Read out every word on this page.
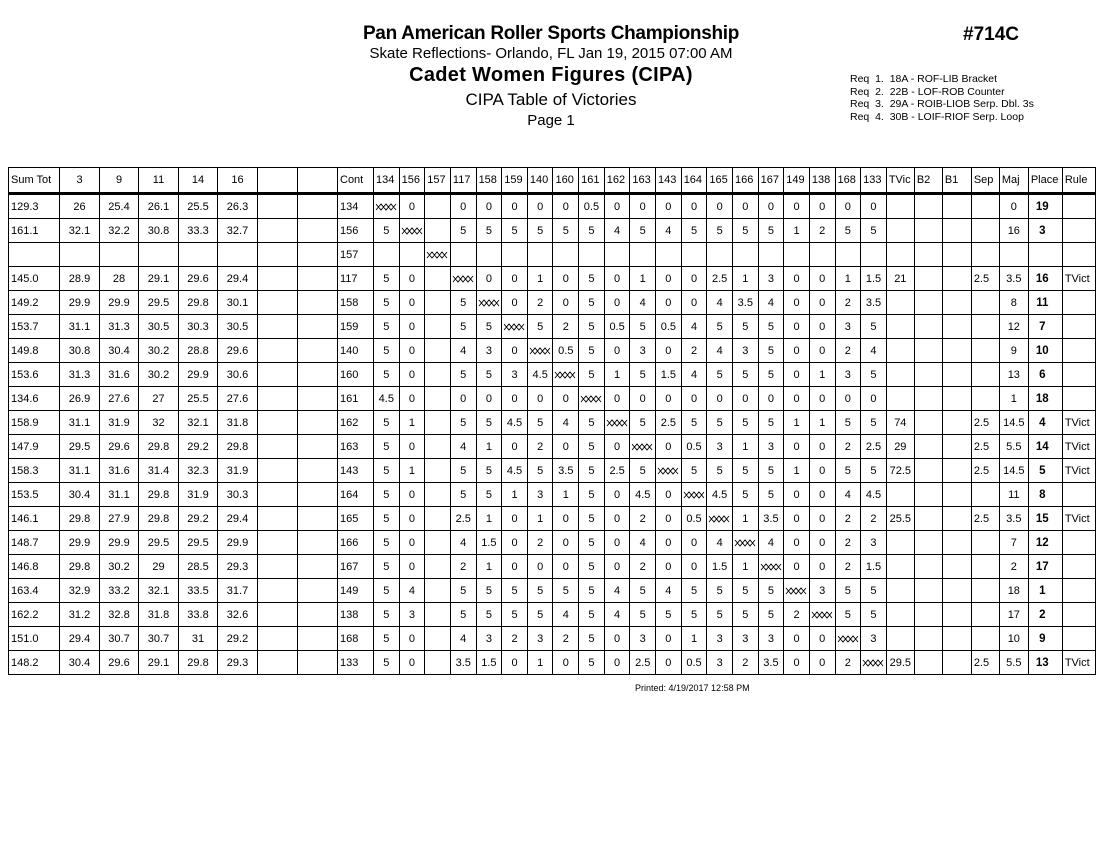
Pan American Roller Sports Championship
Skate Reflections- Orlando, FL Jan 19, 2015 07:00 AM
Cadet Women Figures (CIPA)
CIPA Table of Victories
Page 1
#714C
Req  1.  18A - ROF-LIB Bracket
Req  2.  22B - LOF-ROB Counter
Req  3.  29A - ROIB-LIOB Serp. Dbl. 3s
Req  4.  30B - LOIF-RIOF Serp. Loop
Sum Tot	3	9	11	14	16			Cont	134	156	157	117	158	159	140	160	161	162	163	143	164	165	166	167	149	138	168	133	TVic	B2	B1	Sep	Maj	Place	Rule
129.3	26	25.4	26.1	25.5	26.3			134		0		0	0	0	0	0	0.5	0	0	0	0	0	0	0	0	0	0	0					0	19	
161.1	32.1	32.2	30.8	33.3	32.7			156	5			5	5	5	5	5	5	4	5	4	5	5	5	5	1	2	5	5					16	3	
								157																											
145.0	28.9	28	29.1	29.6	29.4			117	5	0			0	0	1	0	5	0	1	0	0	2.5	1	3	0	0	1	1.5	21			2.5	3.5	16	TVict
149.2	29.9	29.9	29.5	29.8	30.1			158	5	0		5		0	2	0	5	0	4	0	0	4	3.5	4	0	0	2	3.5					8	11	
153.7	31.1	31.3	30.5	30.3	30.5			159	5	0		5	5		5	2	5	0.5	5	0.5	4	5	5	5	0	0	3	5					12	7	
149.8	30.8	30.4	30.2	28.8	29.6			140	5	0		4	3	0		0.5	5	0	3	0	2	4	3	5	0	0	2	4					9	10	
153.6	31.3	31.6	30.2	29.9	30.6			160	5	0		5	5	3	4.5		5	1	5	1.5	4	5	5	5	0	1	3	5					13	6	
134.6	26.9	27.6	27	25.5	27.6			161	4.5	0		0	0	0	0	0		0	0	0	0	0	0	0	0	0	0	0					1	18	
158.9	31.1	31.9	32	32.1	31.8			162	5	1		5	5	4.5	5	4	5		5	2.5	5	5	5	5	1	1	5	5	74			2.5	14.5	4	TVict
147.9	29.5	29.6	29.8	29.2	29.8			163	5	0		4	1	0	2	0	5	0		0	0.5	3	1	3	0	0	2	2.5	29			2.5	5.5	14	TVict
158.3	31.1	31.6	31.4	32.3	31.9			143	5	1		5	5	4.5	5	3.5	5	2.5	5		5	5	5	5	1	0	5	5	72.5			2.5	14.5	5	TVict
153.5	30.4	31.1	29.8	31.9	30.3			164	5	0		5	5	1	3	1	5	0	4.5	0		4.5	5	5	0	0	4	4.5					11	8	
146.1	29.8	27.9	29.8	29.2	29.4			165	5	0		2.5	1	0	1	0	5	0	2	0	0.5		1	3.5	0	0	2	2	25.5			2.5	3.5	15	TVict
148.7	29.9	29.9	29.5	29.5	29.9			166	5	0		4	1.5	0	2	0	5	0	4	0	0	4		4	0	0	2	3					7	12	
146.8	29.8	30.2	29	28.5	29.3			167	5	0		2	1	0	0	0	5	0	2	0	0	1.5	1		0	0	2	1.5					2	17	
163.4	32.9	33.2	32.1	33.5	31.7			149	5	4		5	5	5	5	5	5	4	5	4	5	5	5	5		3	5	5					18	1	
162.2	31.2	32.8	31.8	33.8	32.6			138	5	3		5	5	5	5	4	5	4	5	5	5	5	5	5	2		5	5					17	2	
151.0	29.4	30.7	30.7	31	29.2			168	5	0		4	3	2	3	2	5	0	3	0	1	3	3	3	0	0		3					10	9	
148.2	30.4	29.6	29.1	29.8	29.3			133	5	0		3.5	1.5	0	1	0	5	0	2.5	0	0.5	3	2	3.5	0	0	2		29.5			2.5	5.5	13	TVict
Printed: 4/19/2017 12:58 PM
